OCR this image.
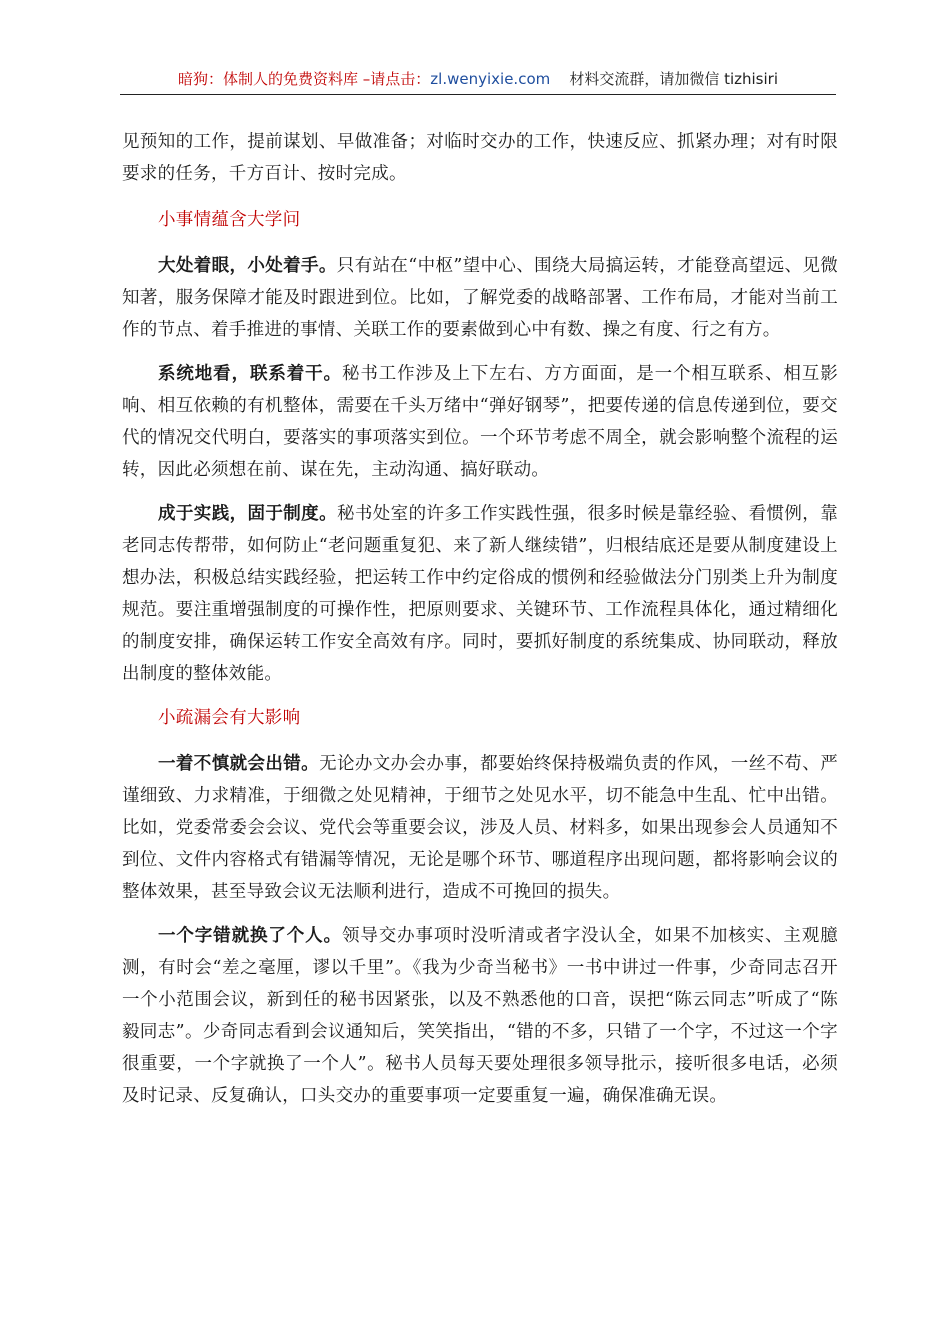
暗狗：体制人的免费资料库 –请点击：zl.wenyixie.com 材料交流群，请加微信 tizhisiri

见预知的工作，提前谋划、早做准备；对临时交办的工作，快速反应、抓紧办理；对有时限要求的任务，千方百计、按时完成。

小事情蕴含大学问

大处着眼，小处着手。只有站在“中枢”望中心、围绕大局搞运转，才能登高望远、见微知著，服务保障才能及时跟进到位。比如，了解党委的战略部署、工作布局，才能对当前工作的节点、着手推进的事情、关联工作的要素做到心中有数、操之有度、行之有方。

系统地看，联系着干。秘书工作涉及上下左右、方方面面，是一个相互联系、相互影响、相互依赖的有机整体，需要在千头万绪中“弹好钢琴”，把要传递的信息传递到位，要交代的情况交代明白，要落实的事项落实到位。一个环节考虑不周全，就会影响整个流程的运转，因此必须想在前、谋在先，主动沟通、搞好联动。

成于实践，固于制度。秘书处室的许多工作实践性强，很多时候是靠经验、看惯例，靠老同志传帮带，如何防止“老问题重复犯、来了新人继续错”，归根结底还是要从制度建设上想办法，积极总结实践经验，把运转工作中约定俗成的惯例和经验做法分门别类上升为制度规范。要注重增强制度的可操作性，把原则要求、关键环节、工作流程具体化，通过精细化的制度安排，确保运转工作安全高效有序。同时，要抓好制度的系统集成、协同联动，释放出制度的整体效能。

小疏漏会有大影响

一着不慎就会出错。无论办文办会办事，都要始终保持极端负责的作风，一丝不苟、严谨细致、力求精准，于细微之处见精神，于细节之处见水平，切不能急中生乱、忙中出错。比如，党委常委会会议、党代会等重要会议，涉及人员、材料多，如果出现参会人员通知不到位、文件内容格式有错漏等情况，无论是哪个环节、哪道程序出现问题，都将影响会议的整体效果，甚至导致会议无法顺利进行，造成不可挽回的损失。

一个字错就换了个人。领导交办事项时没听清或者字没认全，如果不加核实、主观臆测，有时会“差之毫厘，谬以千里”。《我为少奇当秘书》一书中讲过一件事，少奇同志召开一个小范围会议，新到任的秘书因紧张，以及不熟悉他的口音，误把“陈云同志”听成了“陈毅同志”。少奇同志看到会议通知后，笑笑指出，“错的不多，只错了一个字，不过这一个字很重要，一个字就换了一个人”。秘书人员每天要处理很多领导批示，接听很多电话，必须及时记录、反复确认，口头交办的重要事项一定要重复一遍，确保准确无误。
